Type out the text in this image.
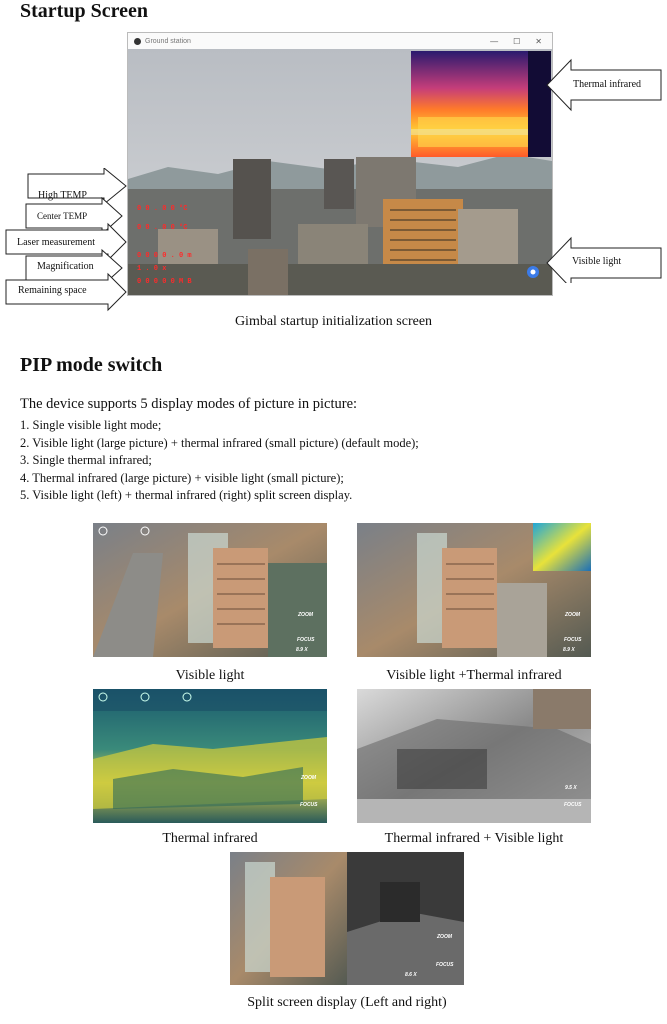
Startup Screen
Ground station	— ☐ ✕
0 0 . 0 0 °C
0 0 . 0 0 °C
0 0 0 0 . 0 m
1 . 0 x
0 0 0 0 0 M B
High TEMP
Center TEMP
Laser measurement
Magnification
Remaining space
Thermal infrared
Visible light
Gimbal startup initialization screen
PIP mode switch
The device supports 5 display modes of picture in picture:
1. Single visible light mode;
2. Visible light (large picture) + thermal infrared (small picture) (default mode);
3. Single thermal infrared;
4. Thermal infrared (large picture) + visible light (small picture);
5. Visible light (left) + thermal infrared (right) split screen display.
ZOOM
FOCUS
8.9 X
Visible light
ZOOM
FOCUS
8.9 X
Visible light +Thermal infrared
ZOOM
FOCUS
Thermal infrared
9.5 X
FOCUS
Thermal infrared + Visible light
ZOOM
FOCUS
8.6 X
Split screen display (Left and right)
